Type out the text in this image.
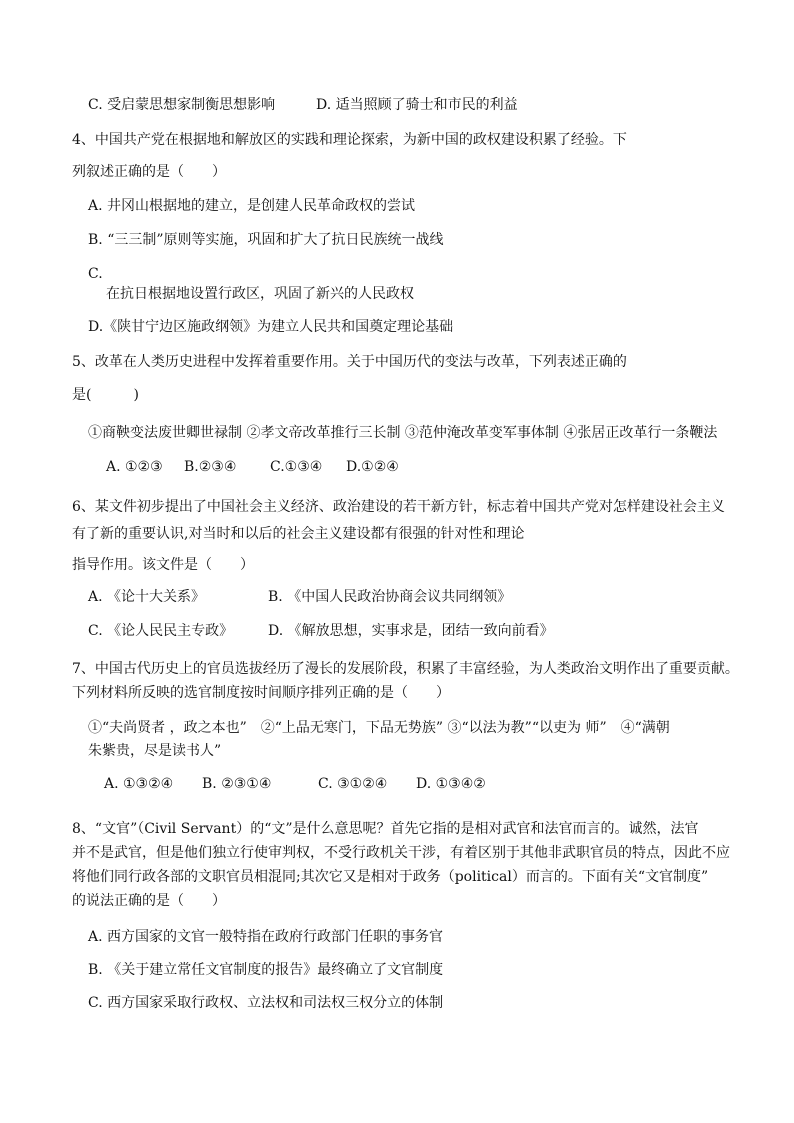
C. 受启蒙思想家制衡思想影响	D. 适当照顾了骑士和市民的利益
4、中国共产党在根据地和解放区的实践和理论探索，为新中国的政权建设积累了经验。下
列叙述正确的是（　　）
A. 井冈山根据地的建立，是创建人民革命政权的尝试
B. “三三制”原则等实施，巩固和扩大了抗日民族统一战线
C.
在抗日根据地设置行政区，巩固了新兴的人民政权
D.《陕甘宁边区施政纲领》为建立人民共和国奠定理论基础
5、改革在人类历史进程中发挥着重要作用。关于中国历代的变法与改革，下列表述正确的
是(　　　)
①商鞅变法废世卿世禄制 ②孝文帝改革推行三长制 ③范仲淹改革变军事体制 ④张居正改革行一条鞭法
A. ①②③ B.②③④ C.①③④ D.①②④
6、某文件初步提出了中国社会主义经济、政治建设的若干新方针，标志着中国共产党对怎样建设社会主义
有了新的重要认识,对当时和以后的社会主义建设都有很强的针对性和理论
指导作用。该文件是（　　）
A. 《论十大关系》	B. 《中国人民政治协商会议共同纲领》
C. 《论人民民主专政》 D. 《解放思想，实事求是，团结一致向前看》
7、中国古代历史上的官员选拔经历了漫长的发展阶段，积累了丰富经验，为人类政治文明作出了重要贡献。
下列材料所反映的选官制度按时间顺序排列正确的是（　　）
①“夫尚贤者 ，政之本也”　②“上品无寒门，下品无势族” ③“以法为教”“以吏为 师”　④“满朝
朱紫贵，尽是读书人”
A. ①③②④ B. ②③①④	C. ③①②④ D. ①③④②
8、“文官”（Civil Servant）的“文”是什么意思呢？首先它指的是相对武官和法官而言的。诚然，法官
并不是武官，但是他们独立行使审判权，不受行政机关干涉，有着区别于其他非武职官员的特点，因此不应
将他们同行政各部的文职官员相混同;其次它又是相对于政务（political）而言的。下面有关“文官制度”
的说法正确的是（　　）
A. 西方国家的文官一般特指在政府行政部门任职的事务官
B. 《关于建立常任文官制度的报告》最终确立了文官制度
C. 西方国家采取行政权、立法权和司法权三权分立的体制
